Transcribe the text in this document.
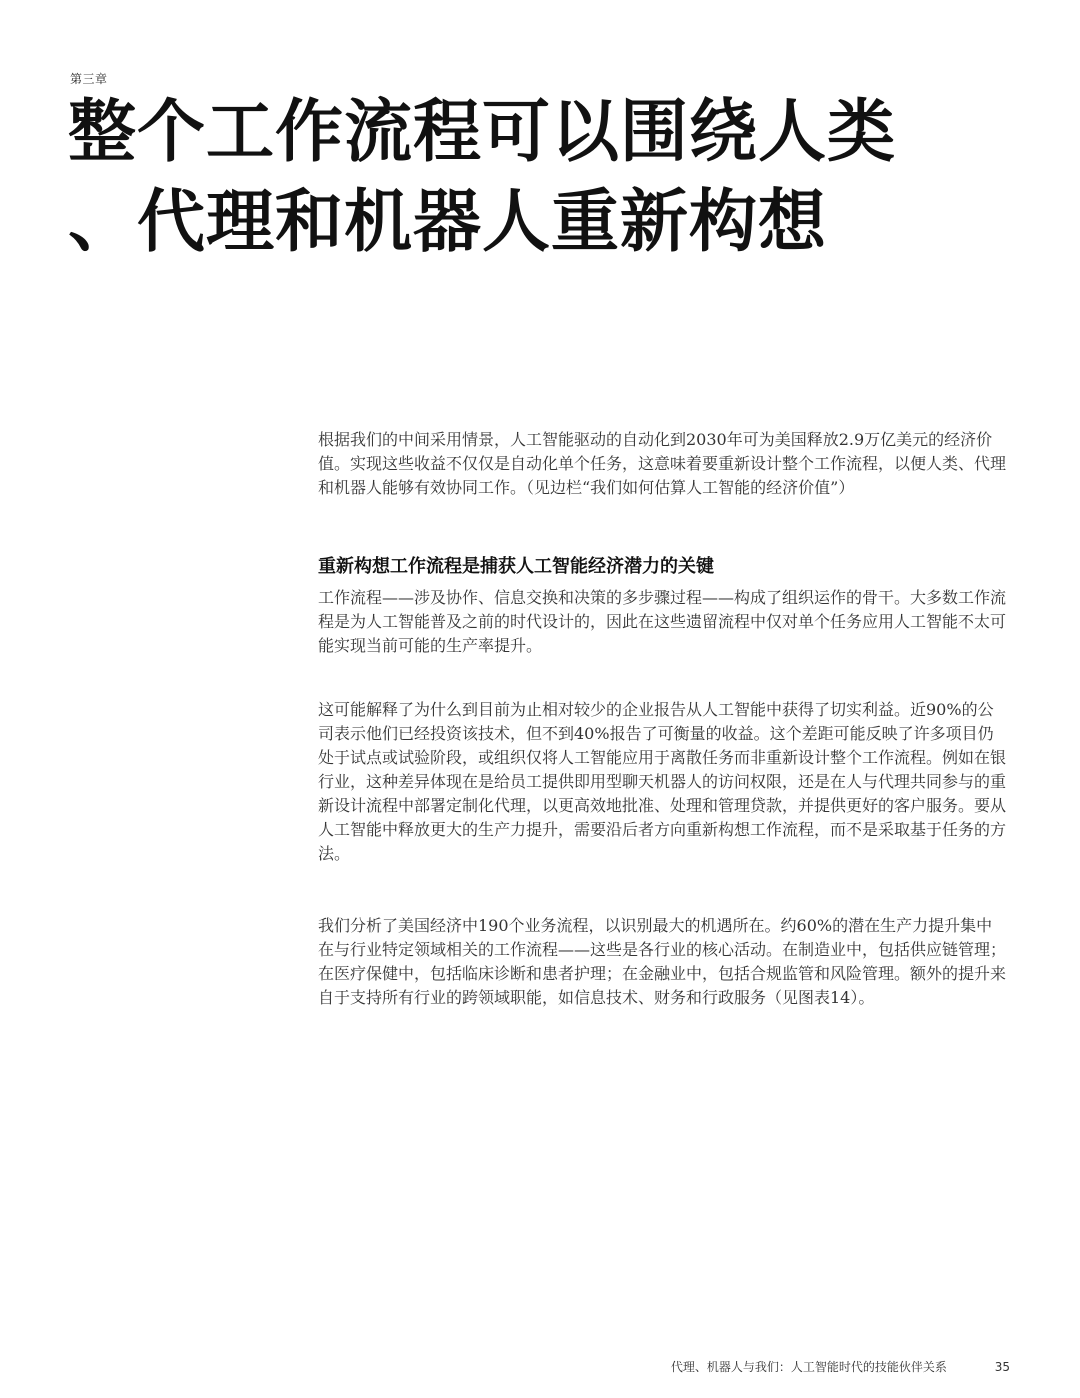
第三章
整个工作流程可以围绕人类
、代理和机器人重新构想

根据我们的中间采用情景，人工智能驱动的自动化到2030年可为美国释放2.9万亿美元的经济价值。实现这些收益不仅仅是自动化单个任务，这意味着要重新设计整个工作流程，以便人类、代理和机器人能够有效协同工作。（见边栏“我们如何估算人工智能的经济价值”）

重新构想工作流程是捕获人工智能经济潜力的关键

工作流程——涉及协作、信息交换和决策的多步骤过程——构成了组织运作的骨干。大多数工作流程是为人工智能普及之前的时代设计的，因此在这些遗留流程中仅对单个任务应用人工智能不太可能实现当前可能的生产率提升。

这可能解释了为什么到目前为止相对较少的企业报告从人工智能中获得了切实利益。近90%的公司表示他们已经投资该技术，但不到40%报告了可衡量的收益。这个差距可能反映了许多项目仍处于试点或试验阶段，或组织仅将人工智能应用于离散任务而非重新设计整个工作流程。例如在银行业，这种差异体现在是给员工提供即用型聊天机器人的访问权限，还是在人与代理共同参与的重新设计流程中部署定制化代理，以更高效地批准、处理和管理贷款，并提供更好的客户服务。要从人工智能中释放更大的生产力提升，需要沿后者方向重新构想工作流程，而不是采取基于任务的方法。

我们分析了美国经济中190个业务流程，以识别最大的机遇所在。约60%的潜在生产力提升集中在与行业特定领域相关的工作流程——这些是各行业的核心活动。在制造业中，包括供应链管理；在医疗保健中，包括临床诊断和患者护理；在金融业中，包括合规监管和风险管理。额外的提升来自于支持所有行业的跨领域职能，如信息技术、财务和行政服务（见图表14）。

代理、机器人与我们：人工智能时代的技能伙伴关系	35
